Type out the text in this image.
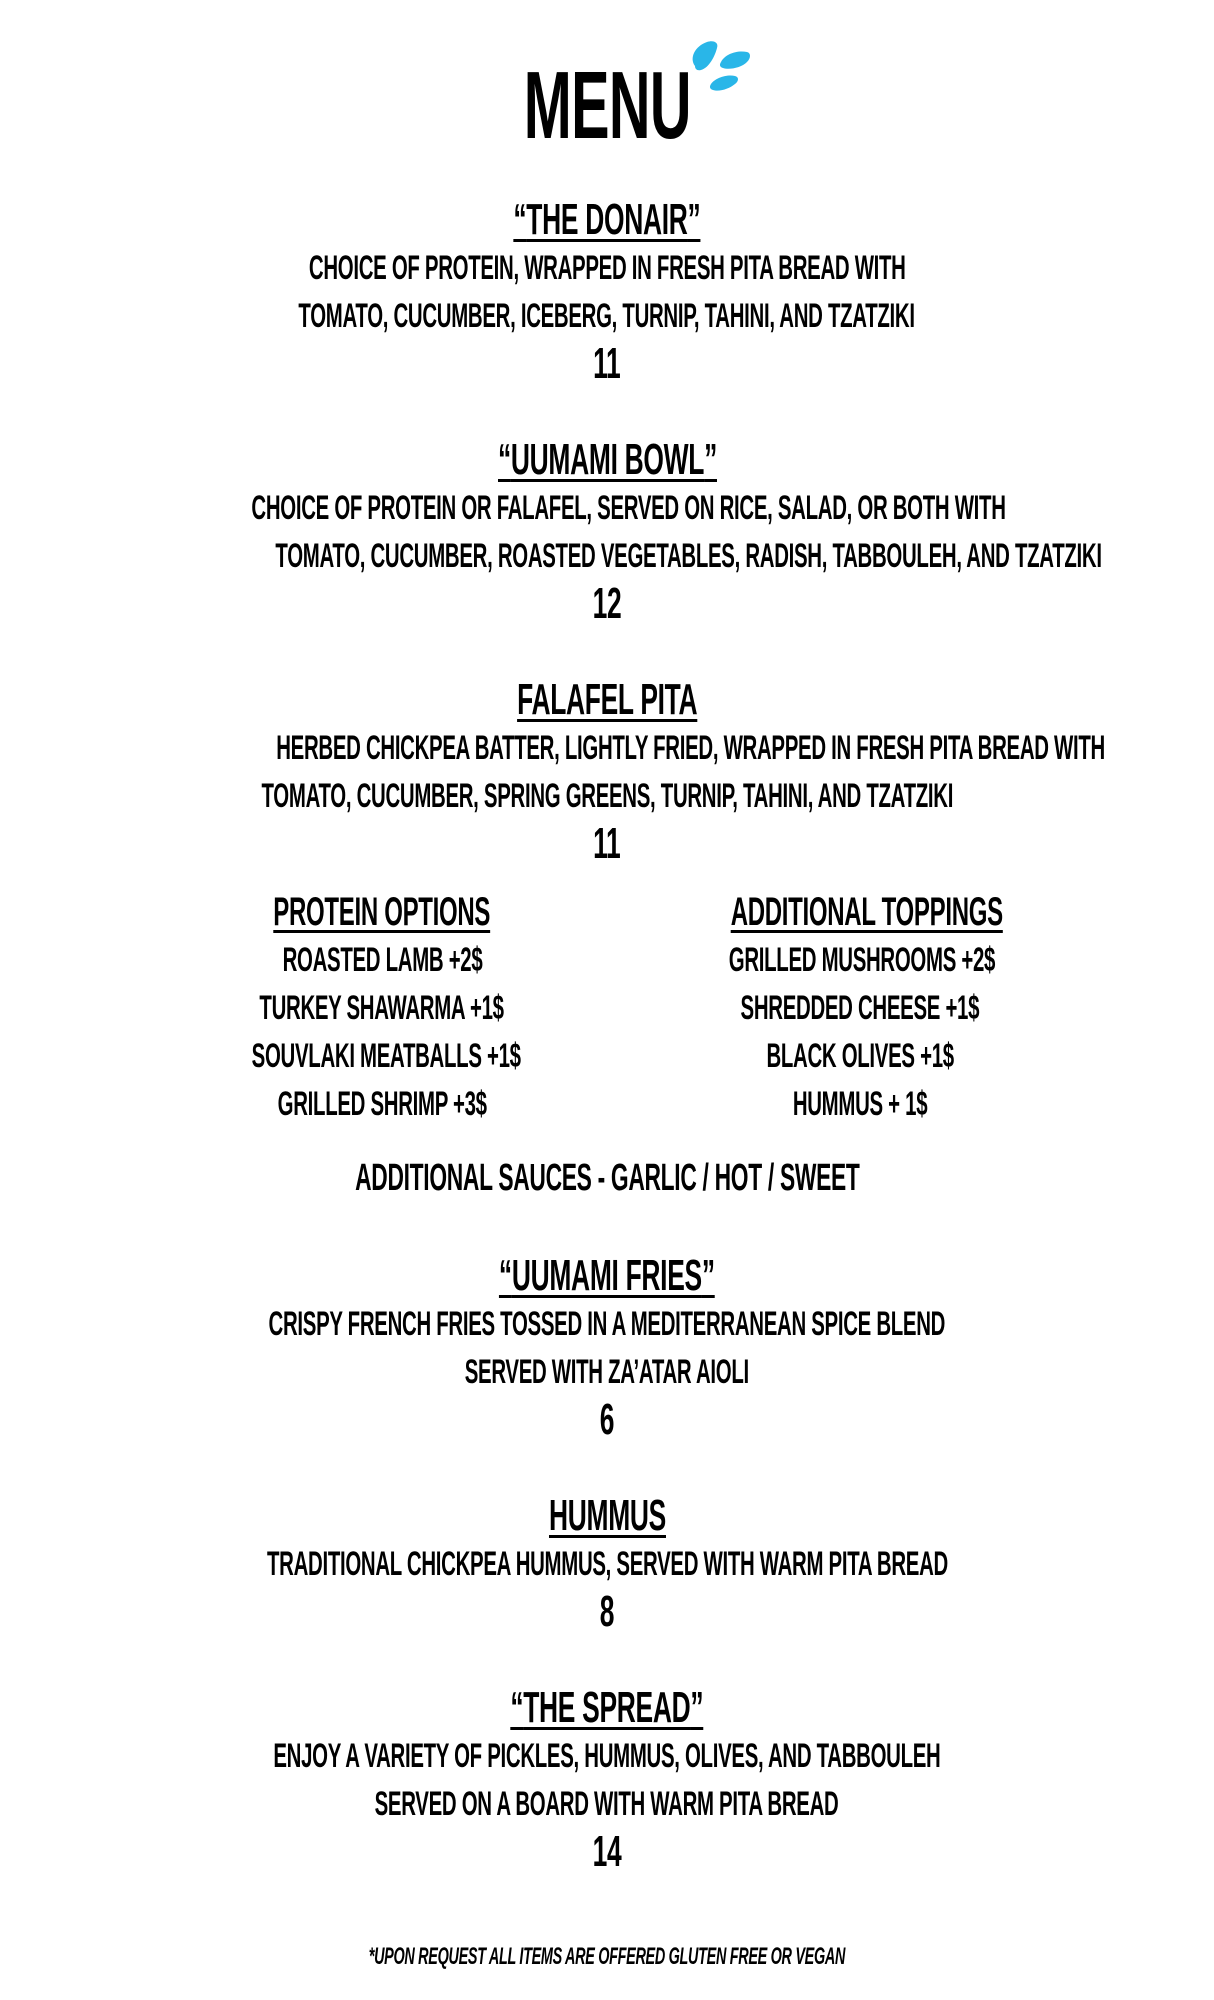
MENU
“THE DONAIR”
CHOICE OF PROTEIN, WRAPPED IN FRESH PITA BREAD WITH
TOMATO, CUCUMBER, ICEBERG, TURNIP, TAHINI, AND TZATZIKI
11
“UUMAMI BOWL”
CHOICE OF PROTEIN OR FALAFEL, SERVED ON RICE, SALAD, OR BOTH WITH
TOMATO, CUCUMBER, ROASTED VEGETABLES, RADISH, TABBOULEH, AND TZATZIKI
12
FALAFEL PITA
HERBED CHICKPEA BATTER, LIGHTLY FRIED, WRAPPED IN FRESH PITA BREAD WITH
TOMATO, CUCUMBER, SPRING GREENS, TURNIP, TAHINI, AND TZATZIKI
11
PROTEIN OPTIONS
ROASTED LAMB +2$
TURKEY SHAWARMA +1$
SOUVLAKI MEATBALLS +1$
GRILLED SHRIMP +3$
ADDITIONAL TOPPINGS
GRILLED MUSHROOMS +2$
SHREDDED CHEESE +1$
BLACK OLIVES +1$
HUMMUS + 1$
ADDITIONAL SAUCES - GARLIC / HOT / SWEET
“UUMAMI FRIES”
CRISPY FRENCH FRIES TOSSED IN A MEDITERRANEAN SPICE BLEND
SERVED WITH ZA’ATAR AIOLI
6
HUMMUS
TRADITIONAL CHICKPEA HUMMUS, SERVED WITH WARM PITA BREAD
8
“THE SPREAD”
ENJOY A VARIETY OF PICKLES, HUMMUS, OLIVES, AND TABBOULEH
SERVED ON A BOARD WITH WARM PITA BREAD
14
*UPON REQUEST ALL ITEMS ARE OFFERED GLUTEN FREE OR VEGAN
